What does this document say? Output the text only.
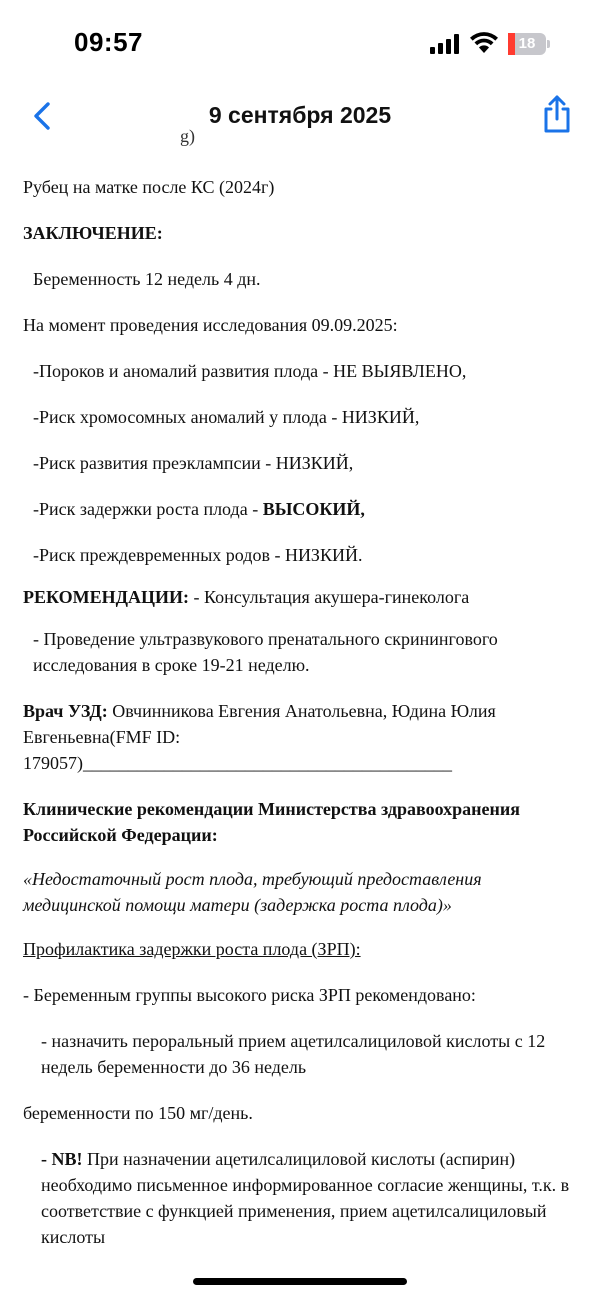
09:57	18
9 сентября 2025
g)

Рубец на матке после КС (2024г)

ЗАКЛЮЧЕНИЕ:

Беременность 12 недель 4 дн.

На момент проведения исследования 09.09.2025:

-Пороков и аномалий развития плода - НЕ ВЫЯВЛЕНО,

-Риск хромосомных аномалий у плода - НИЗКИЙ,

-Риск развития преэклампсии - НИЗКИЙ,

-Риск задержки роста плода - ВЫСОКИЙ,

-Риск преждевременных родов - НИЗКИЙ.

РЕКОМЕНДАЦИИ: - Консультация акушера-гинеколога

- Проведение ультразвукового пренатального скринингового исследования в сроке 19-21 неделю.

Врач УЗД: Овчинникова Евгения Анатольевна, Юдина Юлия Евгеньевна(FMF ID:

179057)_________________________________________

Клинические рекомендации Министерства здравоохранения Российской Федерации:

«Недостаточный рост плода, требующий предоставления медицинской помощи матери (задержка роста плода)»

Профилактика задержки роста плода (ЗРП):

- Беременным группы высокого риска ЗРП рекомендовано:

- назначить пероральный прием ацетилсалициловой кислоты с 12 недель беременности до 36 недель

беременности по 150 мг/день.

- NB! При назначении ацетилсалициловой кислоты (аспирин) необходимо письменное информированное согласие женщины, т.к. в соответствие с функцией применения, прием ацетилсалициловый кислоты
